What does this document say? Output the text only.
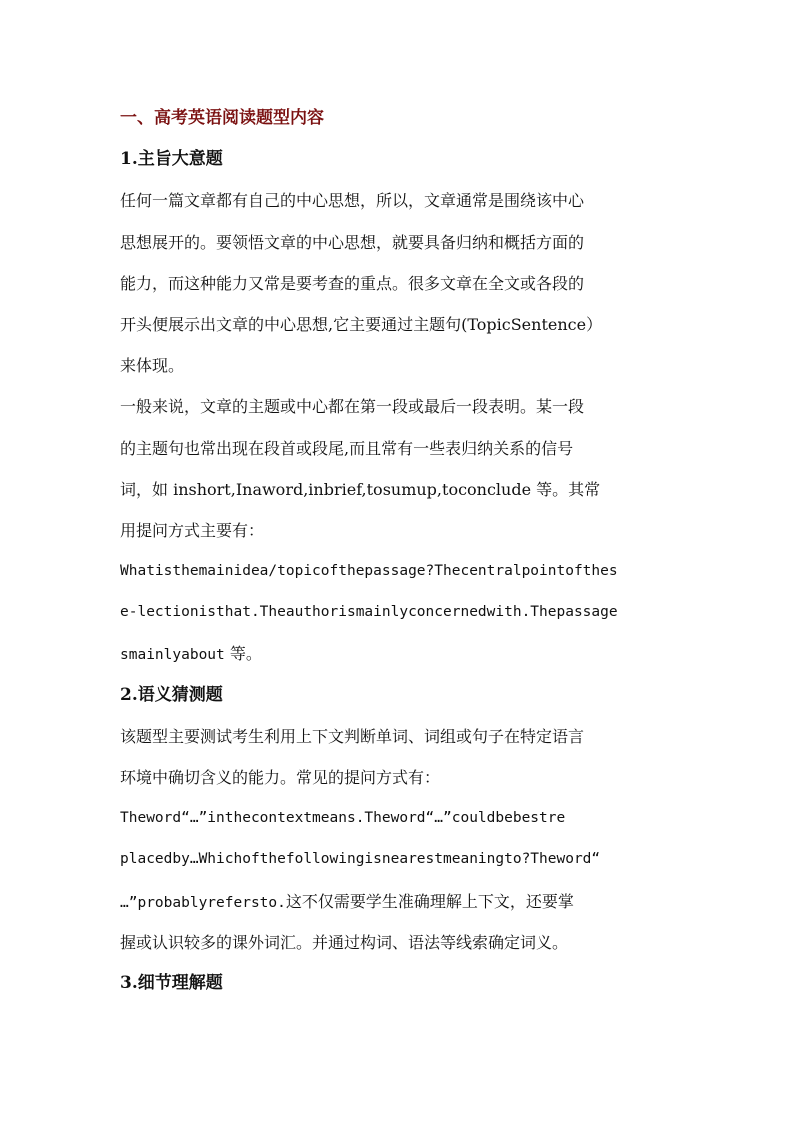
一、高考英语阅读题型内容
1.主旨大意题
任何一篇文章都有自己的中心思想，所以，文章通常是围绕该中心
思想展开的。要领悟文章的中心思想，就要具备归纳和概括方面的
能力，而这种能力又常是要考查的重点。很多文章在全文或各段的
开头便展示出文章的中心思想,它主要通过主题句(TopicSentence）
来体现。
一般来说，文章的主题或中心都在第一段或最后一段表明。某一段
的主题句也常出现在段首或段尾,而且常有一些表归纳关系的信号
词，如 inshort,Inaword,inbrief,tosumup,toconclude 等。其常
用提问方式主要有：
Whatisthemainidea/topicofthepassage?Thecentralpointofthes
e-lectionisthat.Theauthorismainlyconcernedwith.Thepassage
smainlyabout 等。
2.语义猜测题
该题型主要测试考生利用上下文判断单词、词组或句子在特定语言
环境中确切含义的能力。常见的提问方式有：
Theword“…”inthecontextmeans.Theword“…”couldbebestre
placedby…Whichofthefollowingisnearestmeaningto?Theword“
…”probablyrefersto.这不仅需要学生准确理解上下文，还要掌
握或认识较多的课外词汇。并通过构词、语法等线索确定词义。
3.细节理解题
